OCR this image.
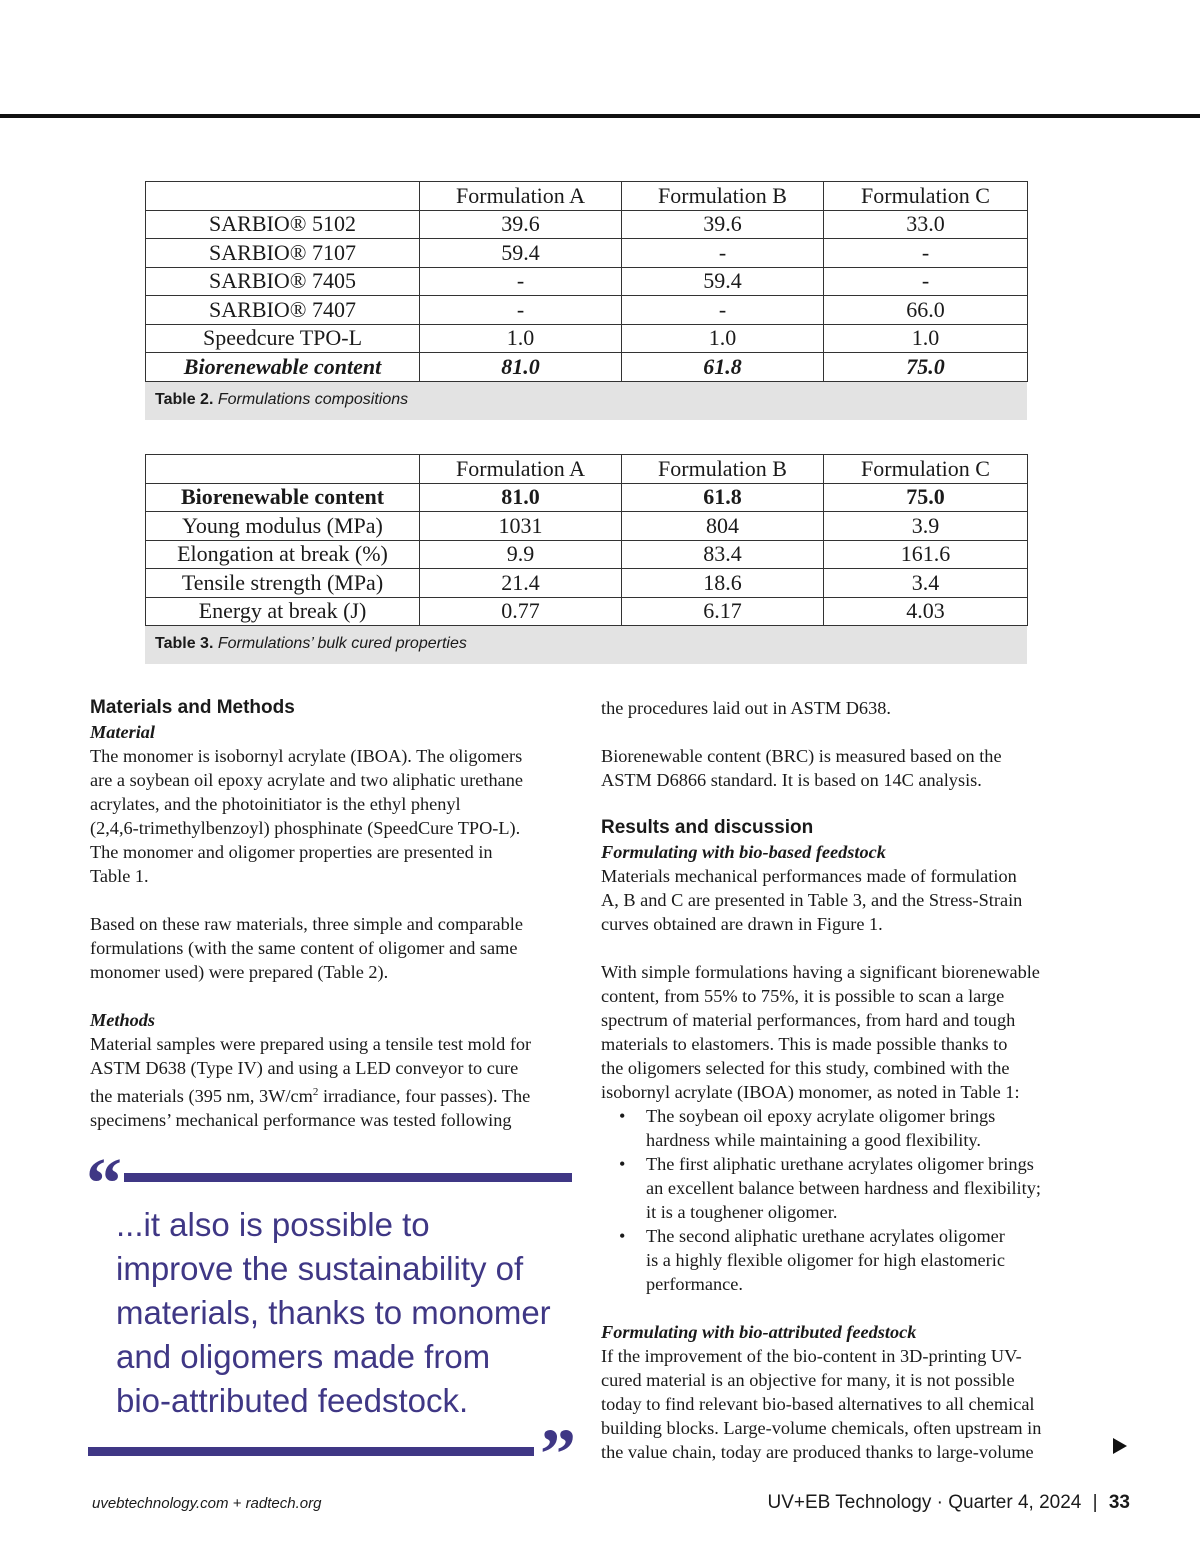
	Formulation A	Formulation B	Formulation C
SARBIO® 5102	39.6	39.6	33.0
SARBIO® 7107	59.4	-	-
SARBIO® 7405	-	59.4	-
SARBIO® 7407	-	-	66.0
Speedcure TPO-L	1.0	1.0	1.0
Biorenewable content	81.0	61.8	75.0
Table 2. Formulations compositions
	Formulation A	Formulation B	Formulation C
Biorenewable content	81.0	61.8	75.0
Young modulus (MPa)	1031	804	3.9
Elongation at break (%)	9.9	83.4	161.6
Tensile strength (MPa)	21.4	18.6	3.4
Energy at break (J)	0.77	6.17	4.03
Table 3. Formulations’ bulk cured properties

Materials and Methods

Material

The monomer is isobornyl acrylate (IBOA). The oligomers

are a soybean oil epoxy acrylate and two aliphatic urethane

acrylates, and the photoinitiator is the ethyl phenyl

(2,4,6-trimethylbenzoyl) phosphinate (SpeedCure TPO-L).

The monomer and oligomer properties are presented in

Table 1.

Based on these raw materials, three simple and comparable

formulations (with the same content of oligomer and same

monomer used) were prepared (Table 2).

Methods

Material samples were prepared using a tensile test mold for

ASTM D638 (Type IV) and using a LED conveyor to cure

the materials (395 nm, $3W/cm^2$ irradiance, four passes). The

specimens’ mechanical performance was tested following

“
...it also is possible to
improve the sustainability of
materials, thanks to monomer
and oligomers made from
bio-attributed feedstock.
”

the procedures laid out in ASTM D638.

Biorenewable content (BRC) is measured based on the

ASTM D6866 standard. It is based on 14C analysis.

Results and discussion

Formulating with bio-based feedstock

Materials mechanical performances made of formulation

A, B and C are presented in Table 3, and the Stress-Strain

curves obtained are drawn in Figure 1.

With simple formulations having a significant biorenewable

content, from 55% to 75%, it is possible to scan a large

spectrum of material performances, from hard and tough

materials to elastomers. This is made possible thanks to

the oligomers selected for this study, combined with the

isobornyl acrylate (IBOA) monomer, as noted in Table 1:

• The soybean oil epoxy acrylate oligomer brings
hardness while maintaining a good flexibility.
• The first aliphatic urethane acrylates oligomer brings
an excellent balance between hardness and flexibility;
it is a toughener oligomer.
• The second aliphatic urethane acrylates oligomer
is a highly flexible oligomer for high elastomeric
performance.

Formulating with bio-attributed feedstock

If the improvement of the bio-content in 3D-printing UV-

cured material is an objective for many, it is not possible

today to find relevant bio-based alternatives to all chemical

building blocks. Large-volume chemicals, often upstream in

the value chain, today are produced thanks to large-volume

uvebtechnology.com + radtech.org	UV+EB Technology · Quarter 4, 2024 | 33
